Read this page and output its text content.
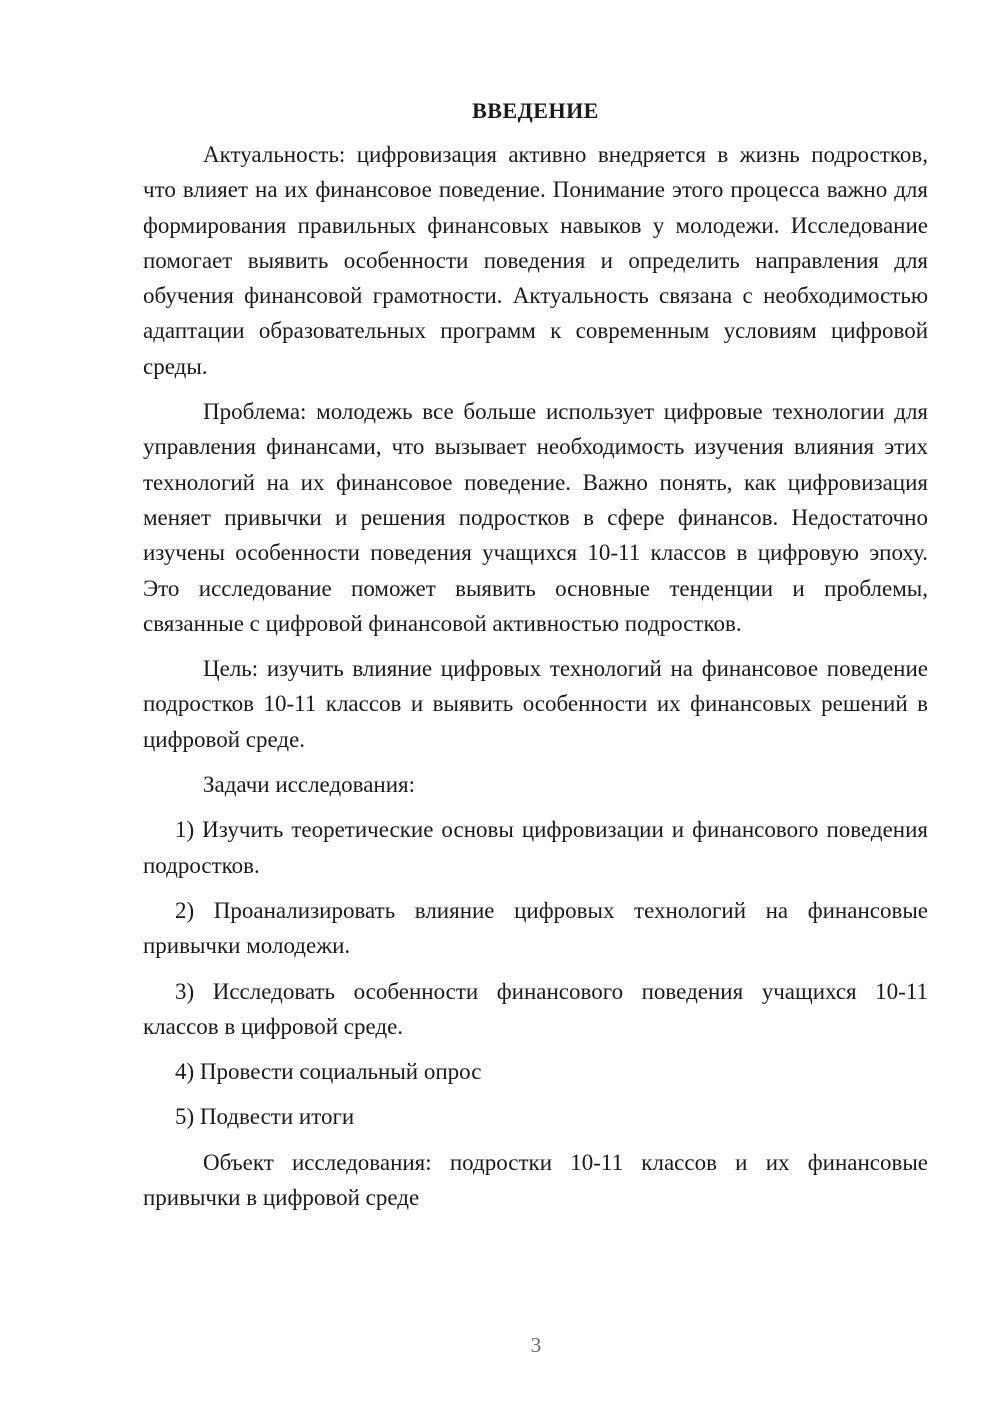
ВВЕДЕНИЕ

Актуальность: цифровизация активно внедряется в жизнь подростков, что влияет на их финансовое поведение. Понимание этого процесса важно для формирования правильных финансовых навыков у молодежи. Исследование помогает выявить особенности поведения и определить направления для обучения финансовой грамотности. Актуальность связана с необходимостью адаптации образовательных программ к современным условиям цифровой среды.

Проблема: молодежь все больше использует цифровые технологии для управления финансами, что вызывает необходимость изучения влияния этих технологий на их финансовое поведение. Важно понять, как цифровизация меняет привычки и решения подростков в сфере финансов. Недостаточно изучены особенности поведения учащихся 10-11 классов в цифровую эпоху. Это исследование поможет выявить основные тенденции и проблемы, связанные с цифровой финансовой активностью подростков.

Цель: изучить влияние цифровых технологий на финансовое поведение подростков 10-11 классов и выявить особенности их финансовых решений в цифровой среде.

Задачи исследования:

1) Изучить теоретические основы цифровизации и финансового поведения подростков.

2) Проанализировать влияние цифровых технологий на финансовые привычки молодежи.

3) Исследовать особенности финансового поведения учащихся 10-11 классов в цифровой среде.

4) Провести социальный опрос

5) Подвести итоги

Объект исследования: подростки 10-11 классов и их финансовые привычки в цифровой среде

3
